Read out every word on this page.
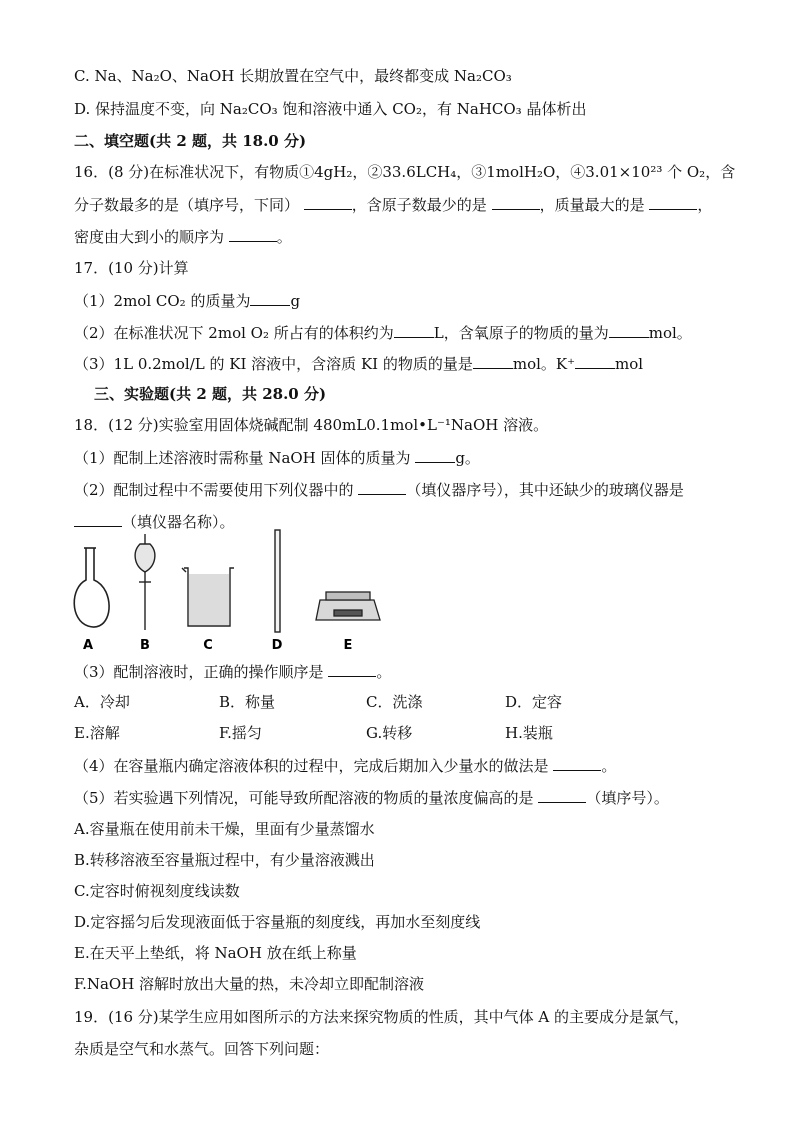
C. Na、Na₂O、NaOH 长期放置在空气中，最终都变成 Na₂CO₃
D. 保持温度不变，向 Na₂CO₃ 饱和溶液中通入 CO₂，有 NaHCO₃ 晶体析出
二、填空题(共 2 题，共 18.0 分)
16．(8 分)在标准状况下，有物质①4gH₂，②33.6LCH₄，③1molH₂O，④3.01×10²³ 个 O₂，含
分子数最多的是（填序号，下同）	，含原子数最少的是	，质量最大的是	，
密度由大到小的顺序为	。
17．(10 分)计算
（1）2mol CO₂ 的质量为	g
（2）在标准状况下 2mol O₂ 所占有的体积约为	L，含氧原子的物质的量为	mol。
（3）1L 0.2mol/L 的 KI 溶液中，含溶质 KI 的物质的量是	mol。K⁺	mol
三、实验题(共 2 题，共 28.0 分)
18．(12 分)实验室用固体烧碱配制 480mL0.1mol•L⁻¹NaOH 溶液。
（1）配制上述溶液时需称量 NaOH 固体的质量为	g。
（2）配制过程中不需要使用下列仪器中的	（填仪器序号），其中还缺少的玻璃仪器是
（填仪器名称）。
A	B	C	D	E
（3）配制溶液时，正确的操作顺序是	。
A．冷却	B．称量	C．洗涤	D．定容
E.溶解	F.摇匀	G.转移	H.装瓶
（4）在容量瓶内确定溶液体积的过程中，完成后期加入少量水的做法是	。
（5）若实验遇下列情况，可能导致所配溶液的物质的量浓度偏高的是	（填序号）。
A.容量瓶在使用前未干燥，里面有少量蒸馏水
B.转移溶液至容量瓶过程中，有少量溶液溅出
C.定容时俯视刻度线读数
D.定容摇匀后发现液面低于容量瓶的刻度线，再加水至刻度线
E.在天平上垫纸，将 NaOH 放在纸上称量
F.NaOH 溶解时放出大量的热，未冷却立即配制溶液
19．(16 分)某学生应用如图所示的方法来探究物质的性质，其中气体 A 的主要成分是氯气，
杂质是空气和水蒸气。回答下列问题：
